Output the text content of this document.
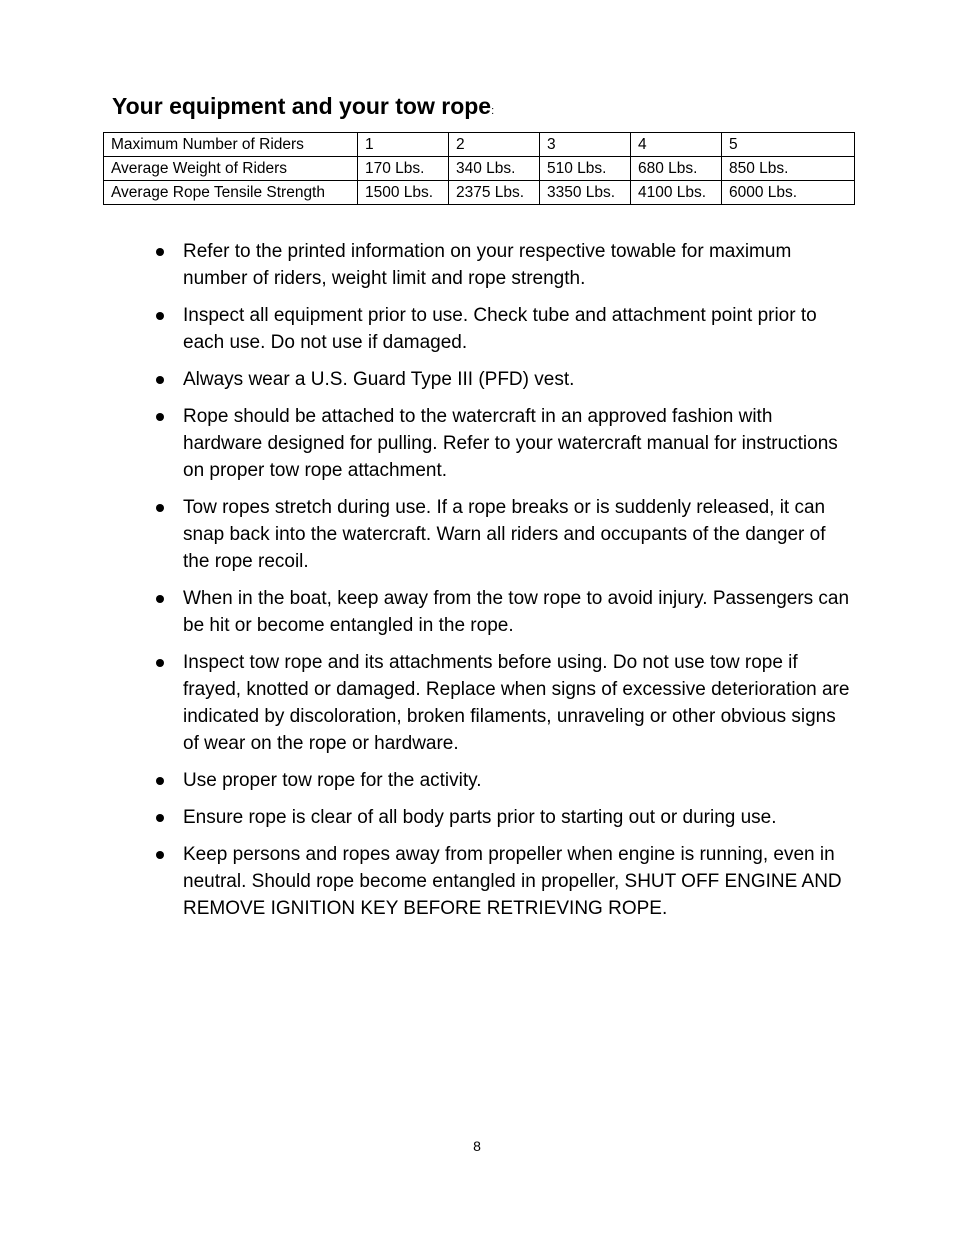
Your equipment and your tow rope:
Maximum Number of Riders	1	2	3	4	5
Average Weight of Riders	170 Lbs.	340 Lbs.	510 Lbs.	680 Lbs.	850 Lbs.
Average Rope Tensile Strength	1500 Lbs.	2375 Lbs.	3350 Lbs.	4100 Lbs.	6000 Lbs.
Refer to the printed information on your respective towable for maximum number of riders, weight limit and rope strength.
Inspect all equipment prior to use. Check tube and attachment point prior to each use. Do not use if damaged.
Always wear a U.S. Guard Type III (PFD) vest.
Rope should be attached to the watercraft in an approved fashion with hardware designed for pulling. Refer to your watercraft manual for instructions on proper tow rope attachment.
Tow ropes stretch during use. If a rope breaks or is suddenly released, it can snap back into the watercraft. Warn all riders and occupants of the danger of the rope recoil.
When in the boat, keep away from the tow rope to avoid injury. Passengers can be hit or become entangled in the rope.
Inspect tow rope and its attachments before using. Do not use tow rope if frayed, knotted or damaged. Replace when signs of excessive deterioration are indicated by discoloration, broken filaments, unraveling or other obvious signs of wear on the rope or hardware.
Use proper tow rope for the activity.
Ensure rope is clear of all body parts prior to starting out or during use.
Keep persons and ropes away from propeller when engine is running, even in neutral. Should rope become entangled in propeller, SHUT OFF ENGINE AND REMOVE IGNITION KEY BEFORE RETRIEVING ROPE.
8
